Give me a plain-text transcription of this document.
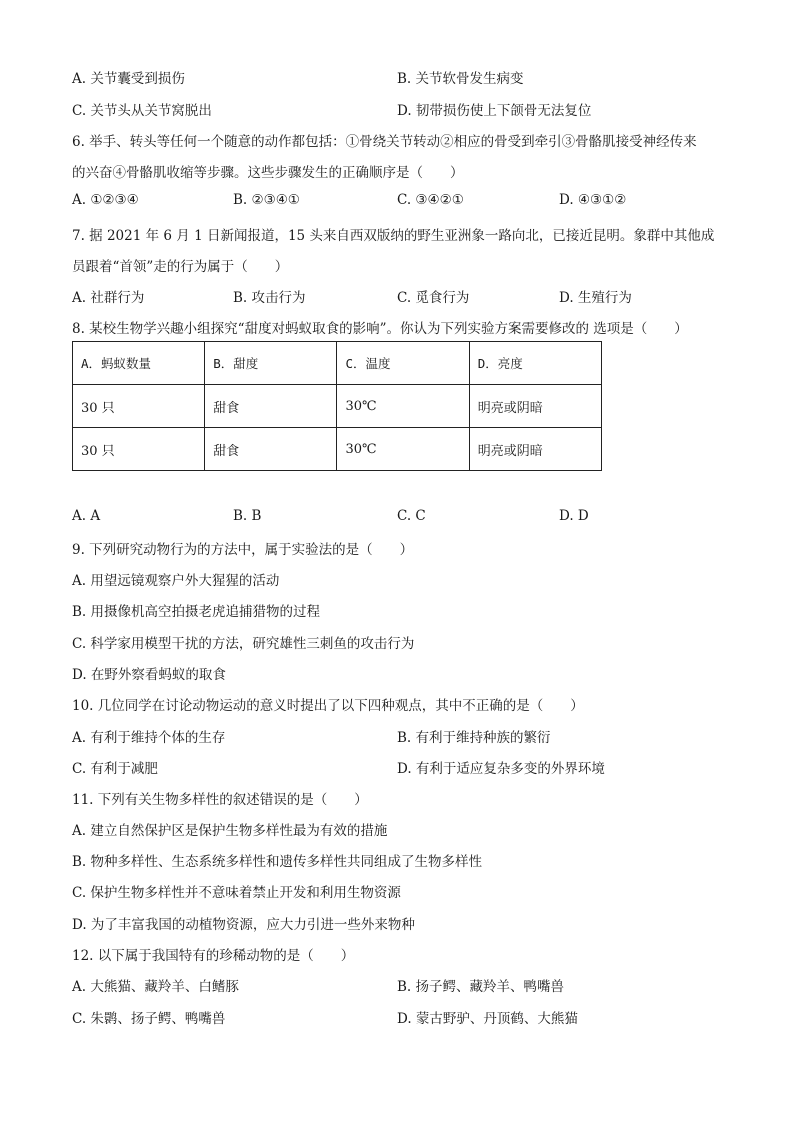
A. 关节囊受到损伤	B. 关节软骨发生病变
C. 关节头从关节窝脱出	D. 韧带损伤使上下颌骨无法复位
6. 举手、转头等任何一个随意的动作都包括：①骨绕关节转动②相应的骨受到牵引③骨骼肌接受神经传来
的兴奋④骨骼肌收缩等步骤。这些步骤发生的正确顺序是（　　）
A. ①②③④	B. ②③④①	C. ③④②①	D. ④③①②
7. 据 2021 年 6 月 1 日新闻报道，15 头来自西双版纳的野生亚洲象一路向北，已接近昆明。象群中其他成
员跟着“首领”走的行为属于（　　）
A. 社群行为	B. 攻击行为	C. 觅食行为	D. 生殖行为
8. 某校生物学兴趣小组探究“甜度对蚂蚁取食的影响”。你认为下列实验方案需要修改的 选项是（　　）
A．蚂蚁数量	B．甜度	C．温度	D．亮度
30 只	甜食	30℃	明亮或阴暗
30 只	甜食	30℃	明亮或阴暗
A. A	B. B	C. C	D. D
9. 下列研究动物行为的方法中，属于实验法的是（　　）
A. 用望远镜观察户外大猩猩的活动
B. 用摄像机高空拍摄老虎追捕猎物的过程
C. 科学家用模型干扰的方法，研究雄性三刺鱼的攻击行为
D. 在野外察看蚂蚁的取食
10. 几位同学在讨论动物运动的意义时提出了以下四种观点，其中不正确的是（　　）
A. 有利于维持个体的生存	B. 有利于维持种族的繁衍
C. 有利于减肥	D. 有利于适应复杂多变的外界环境
11. 下列有关生物多样性的叙述错误的是（　　）
A. 建立自然保护区是保护生物多样性最为有效的措施
B. 物种多样性、生态系统多样性和遗传多样性共同组成了生物多样性
C. 保护生物多样性并不意味着禁止开发和利用生物资源
D. 为了丰富我国的动植物资源，应大力引进一些外来物种
12. 以下属于我国特有的珍稀动物的是（　　）
A. 大熊猫、藏羚羊、白鳍豚	B. 扬子鳄、藏羚羊、鸭嘴兽
C. 朱鹮、扬子鳄、鸭嘴兽	D. 蒙古野驴、丹顶鹤、大熊猫
